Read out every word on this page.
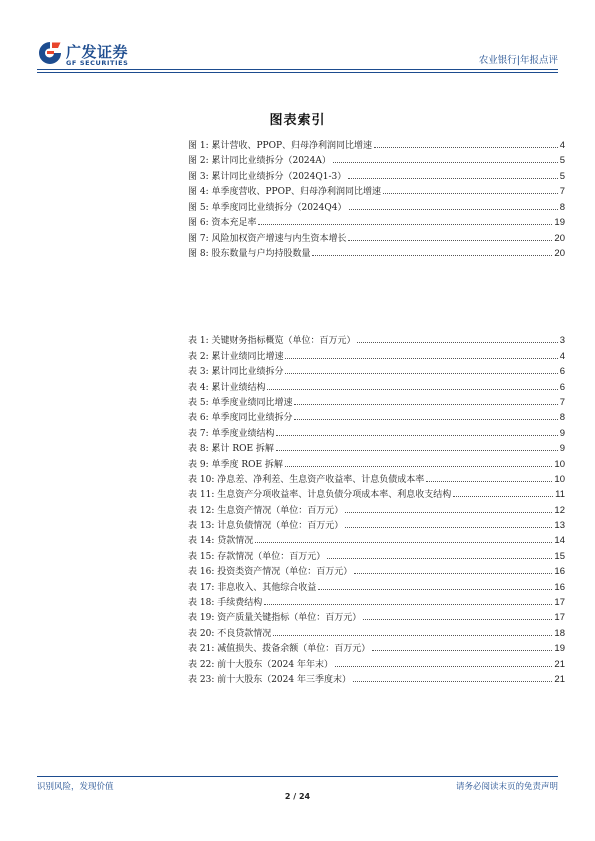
广发证券
GF SECURITIES	农业银行|年报点评
图表索引
图 1: 累计营收、PPOP、归母净利润同比增速	4
图 2: 累计同比业绩拆分（2024A）	5
图 3: 累计同比业绩拆分（2024Q1-3）	5
图 4: 单季度营收、PPOP、归母净利润同比增速	7
图 5: 单季度同比业绩拆分（2024Q4）	8
图 6: 资本充足率	19
图 7: 风险加权资产增速与内生资本增长	20
图 8: 股东数量与户均持股数量	20
表 1: 关键财务指标概览（单位：百万元）	3
表 2: 累计业绩同比增速	4
表 3: 累计同比业绩拆分	6
表 4: 累计业绩结构	6
表 5: 单季度业绩同比增速	7
表 6: 单季度同比业绩拆分	8
表 7: 单季度业绩结构	9
表 8: 累计 ROE 拆解	9
表 9: 单季度 ROE 拆解	10
表 10: 净息差、净利差、生息资产收益率、计息负债成本率	10
表 11: 生息资产分项收益率、计息负债分项成本率、利息收支结构	11
表 12: 生息资产情况（单位：百万元）	12
表 13: 计息负债情况（单位：百万元）	13
表 14: 贷款情况	14
表 15: 存款情况（单位：百万元）	15
表 16: 投资类资产情况（单位：百万元）	16
表 17: 非息收入、其他综合收益	16
表 18: 手续费结构	17
表 19: 资产质量关键指标（单位：百万元）	17
表 20: 不良贷款情况	18
表 21: 减值损失、拨备余额（单位：百万元）	19
表 22: 前十大股东（2024 年年末）	21
表 23: 前十大股东（2024 年三季度末）	21
识别风险，发现价值	请务必阅读末页的免责声明
2 / 24
